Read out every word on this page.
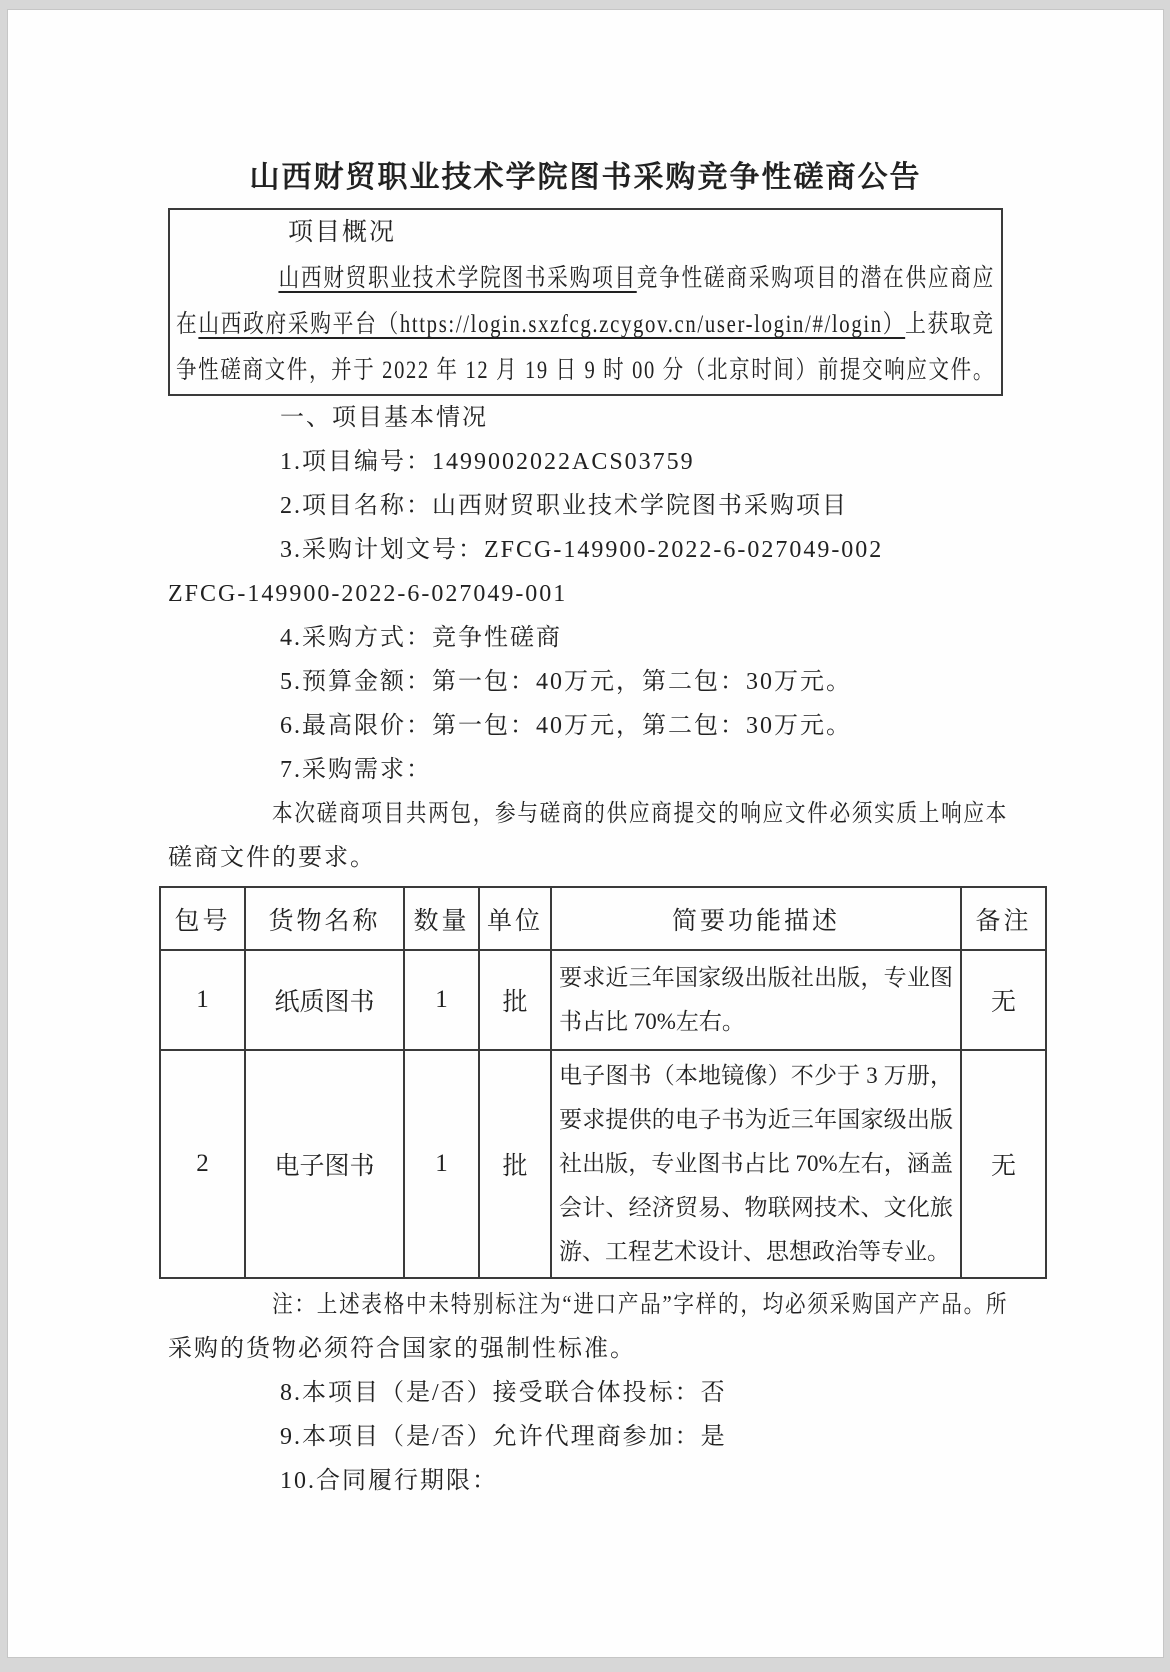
山西财贸职业技术学院图书采购竞争性磋商公告
项目概况
山西财贸职业技术学院图书采购项目竞争性磋商采购项目的潜在供应商应
在山西政府采购平台（https://login.sxzfcg.zcygov.cn/user-login/#/login）上获取竞
争性磋商文件，并于 2022 年 12 月 19 日 9 时 00 分（北京时间）前提交响应文件。
一、项目基本情况
1.项目编号：1499002022ACS03759
2.项目名称：山西财贸职业技术学院图书采购项目
3.采购计划文号：ZFCG-149900-2022-6-027049-002
ZFCG-149900-2022-6-027049-001
4.采购方式：竞争性磋商
5.预算金额：第一包：40万元，第二包：30万元。
6.最高限价：第一包：40万元，第二包：30万元。
7.采购需求：
本次磋商项目共两包，参与磋商的供应商提交的响应文件必须实质上响应本
磋商文件的要求。
包号	货物名称	数量	单位	简要功能描述	备注
1	纸质图书	1	批	要求近三年国家级出版社出版，专业图书占比 70%左右。	无
2	电子图书	1	批	电子图书（本地镜像）不少于 3 万册，要求提供的电子书为近三年国家级出版社出版，专业图书占比 70%左右，涵盖会计、经济贸易、物联网技术、文化旅游、工程艺术设计、思想政治等专业。	无
注：上述表格中未特别标注为“进口产品”字样的，均必须采购国产产品。所
采购的货物必须符合国家的强制性标准。
8.本项目（是/否）接受联合体投标：否
9.本项目（是/否）允许代理商参加：是
10.合同履行期限：
